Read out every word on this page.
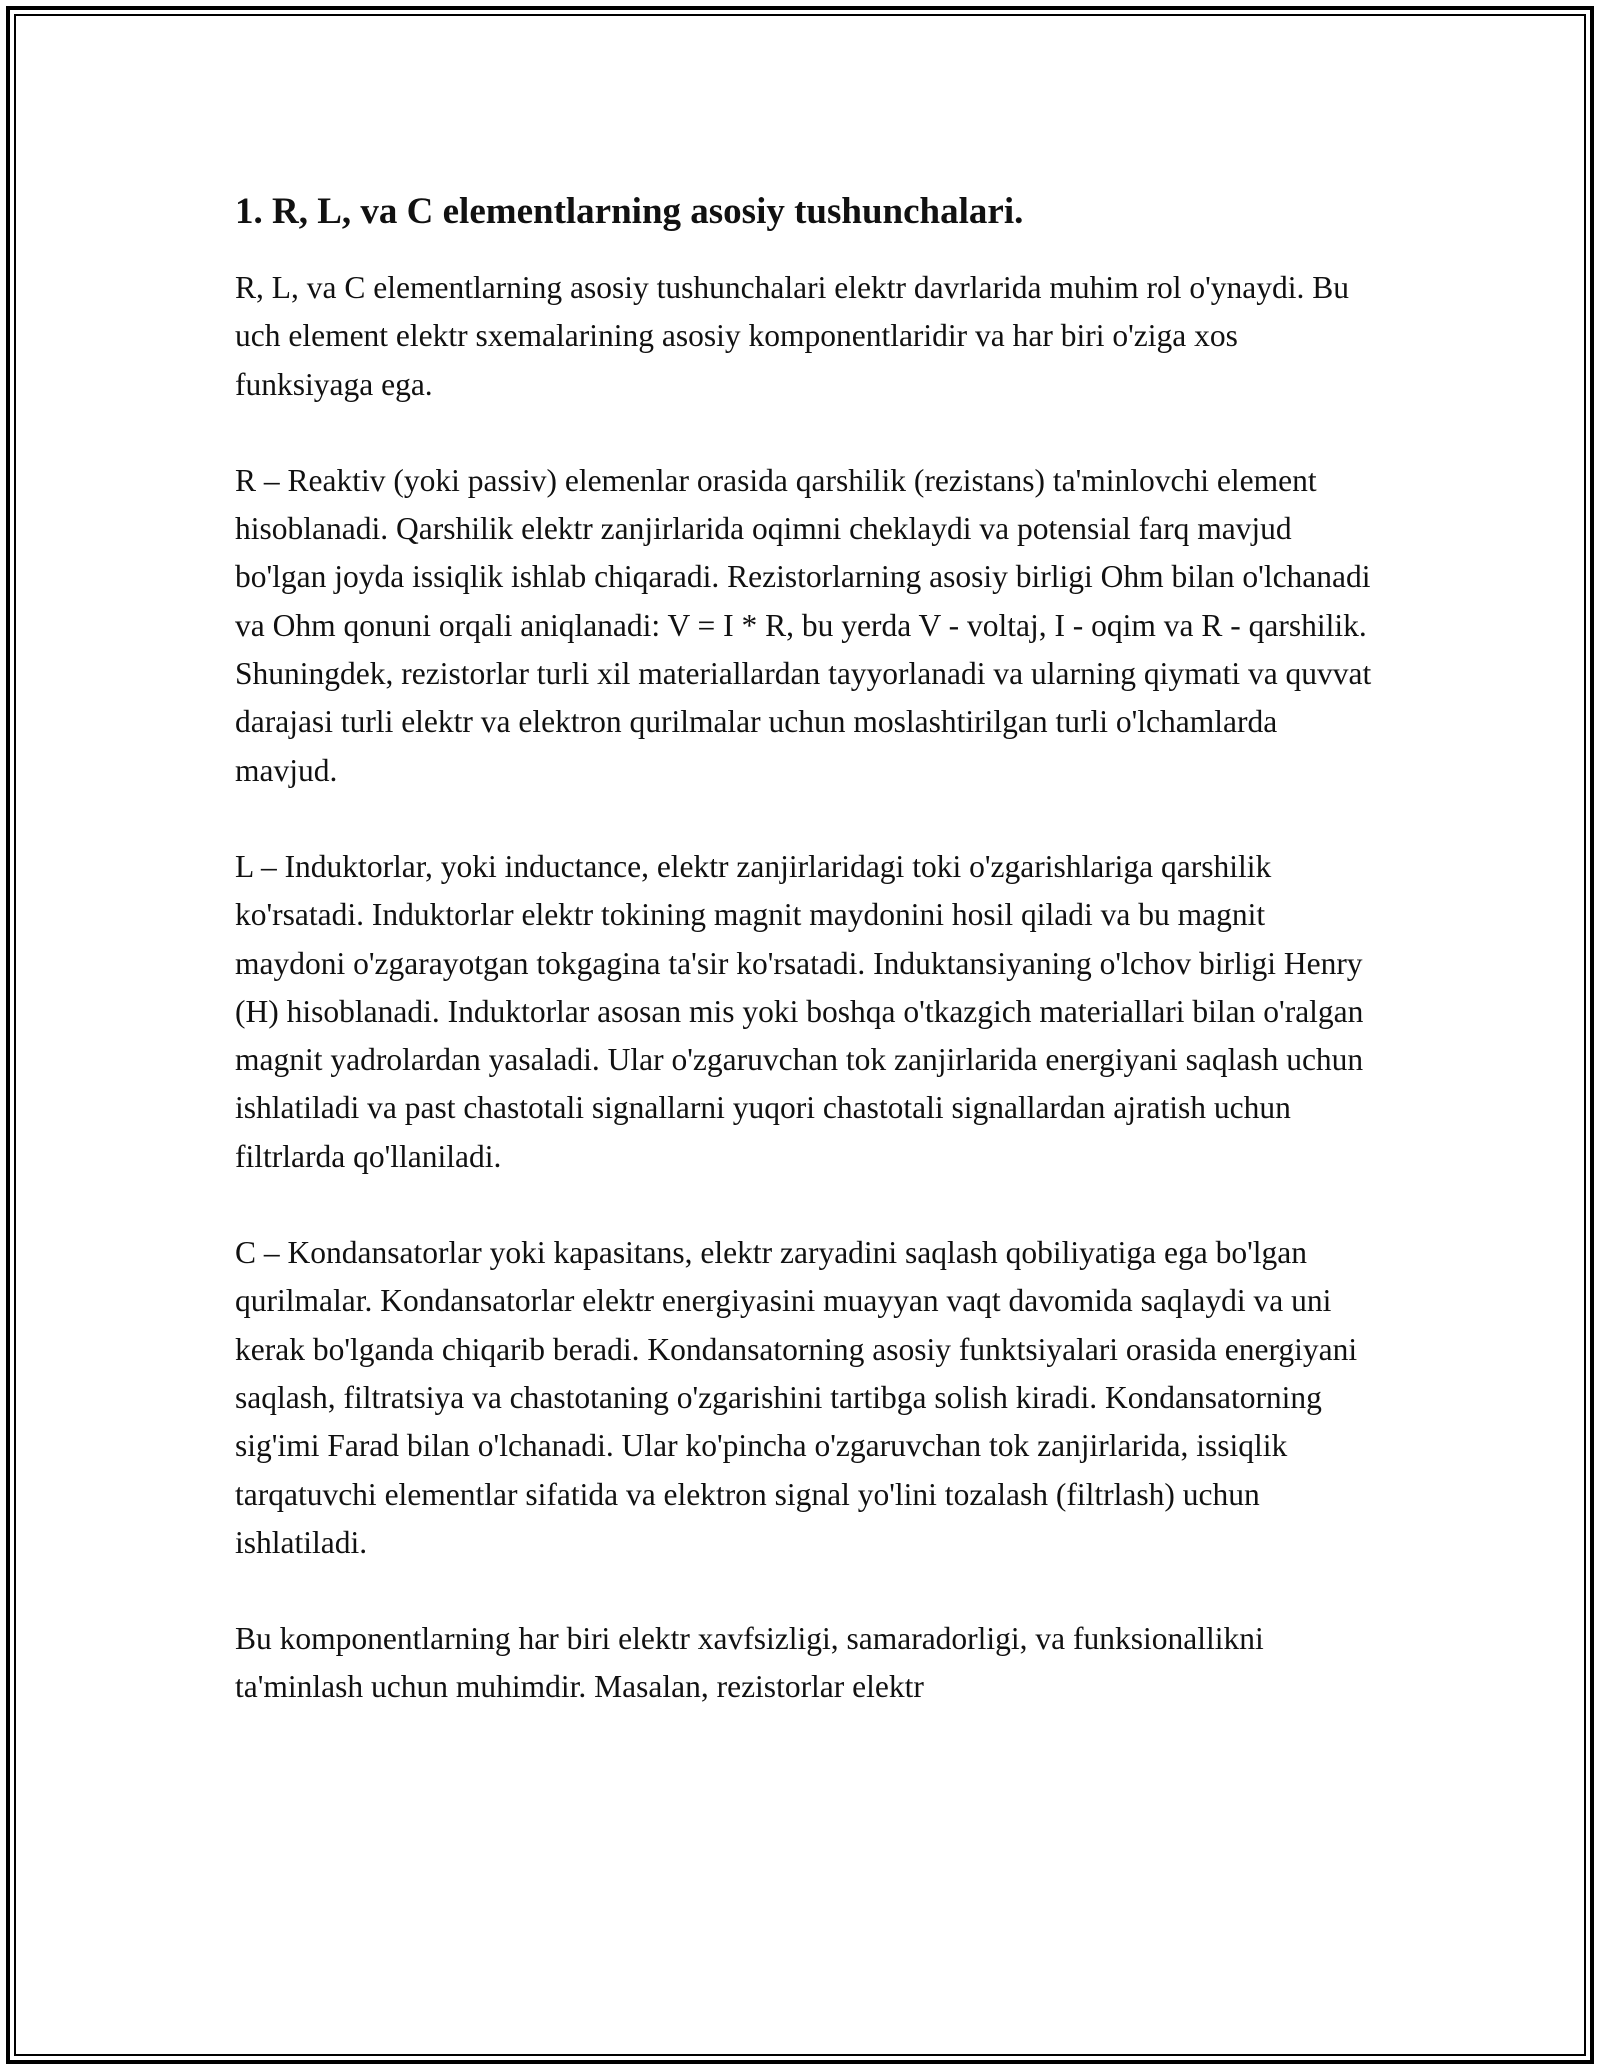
1. R, L, va C elementlarning asosiy tushunchalari.

R, L, va C elementlarning asosiy tushunchalari elektr davrlarida muhim rol o'ynaydi. Bu uch element elektr sxemalarining asosiy komponentlaridir va har biri o'ziga xos funksiyaga ega.

R – Reaktiv (yoki passiv) elemenlar orasida qarshilik (rezistans) ta'minlovchi element hisoblanadi. Qarshilik elektr zanjirlarida oqimni cheklaydi va potensial farq mavjud bo'lgan joyda issiqlik ishlab chiqaradi. Rezistorlarning asosiy birligi Ohm bilan o'lchanadi va Ohm qonuni orqali aniqlanadi: V = I * R, bu yerda V - voltaj, I - oqim va R - qarshilik. Shuningdek, rezistorlar turli xil materiallardan tayyorlanadi va ularning qiymati va quvvat darajasi turli elektr va elektron qurilmalar uchun moslashtirilgan turli o'lchamlarda mavjud.

L – Induktorlar, yoki inductance, elektr zanjirlaridagi toki o'zgarishlariga qarshilik ko'rsatadi. Induktorlar elektr tokining magnit maydonini hosil qiladi va bu magnit maydoni o'zgarayotgan tokgagina ta'sir ko'rsatadi. Induktansiyaning o'lchov birligi Henry (H) hisoblanadi. Induktorlar asosan mis yoki boshqa o'tkazgich materiallari bilan o'ralgan magnit yadrolardan yasaladi. Ular o'zgaruvchan tok zanjirlarida energiyani saqlash uchun ishlatiladi va past chastotali signallarni yuqori chastotali signallardan ajratish uchun filtrlarda qo'llaniladi.

C – Kondansatorlar yoki kapasitans, elektr zaryadini saqlash qobiliyatiga ega bo'lgan qurilmalar. Kondansatorlar elektr energiyasini muayyan vaqt davomida saqlaydi va uni kerak bo'lganda chiqarib beradi. Kondansatorning asosiy funktsiyalari orasida energiyani saqlash, filtratsiya va chastotaning o'zgarishini tartibga solish kiradi. Kondansatorning sig'imi Farad bilan o'lchanadi. Ular ko'pincha o'zgaruvchan tok zanjirlarida, issiqlik tarqatuvchi elementlar sifatida va elektron signal yo'lini tozalash (filtrlash) uchun ishlatiladi.

Bu komponentlarning har biri elektr xavfsizligi, samaradorligi, va funksionallikni ta'minlash uchun muhimdir. Masalan, rezistorlar elektr
